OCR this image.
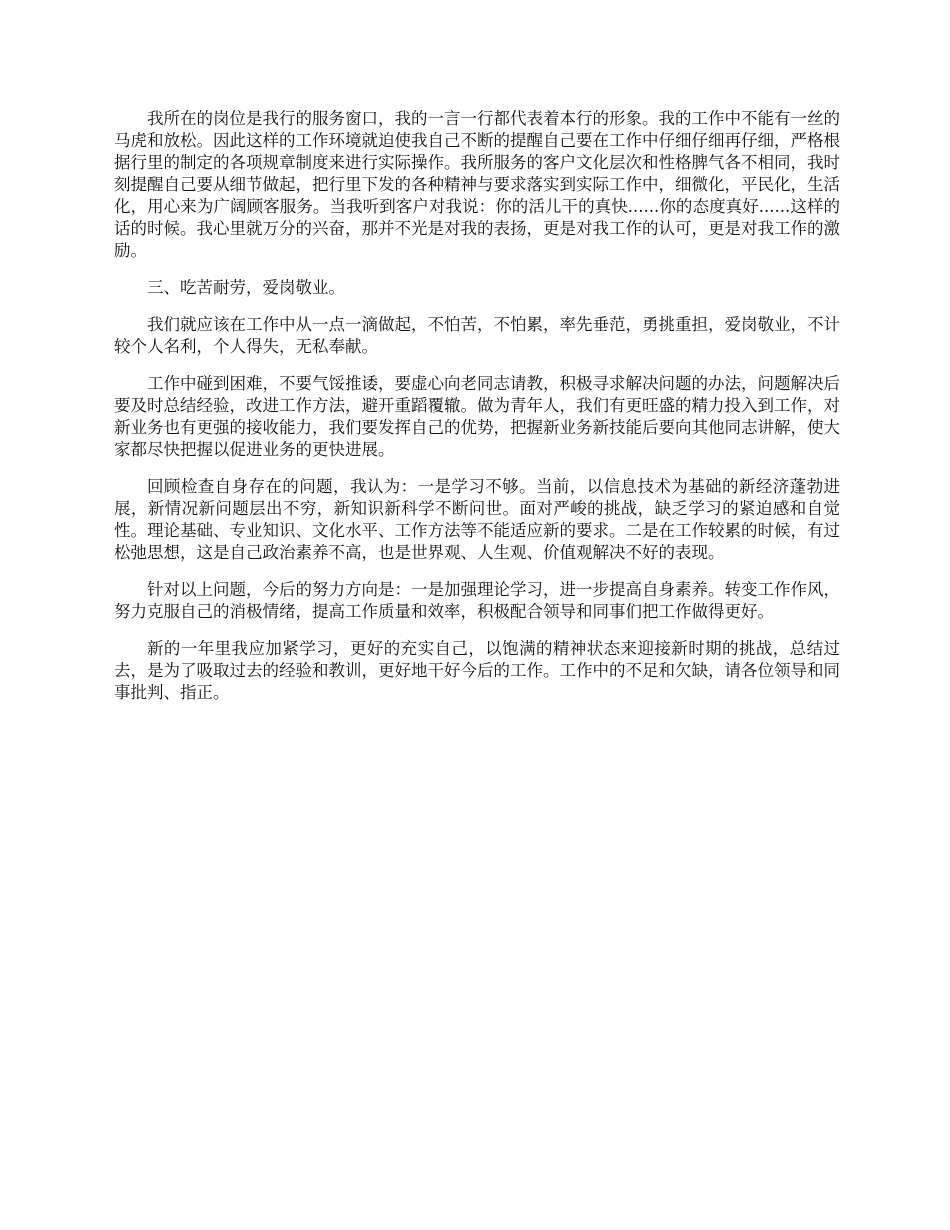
我所在的岗位是我行的服务窗口，我的一言一行都代表着本行的形象。我的工作中不能有一丝的马虎和放松。因此这样的工作环境就迫使我自己不断的提醒自己要在工作中仔细仔细再仔细，严格根据行里的制定的各项规章制度来进行实际操作。我所服务的客户文化层次和性格脾气各不相同，我时刻提醒自己要从细节做起，把行里下发的各种精神与要求落实到实际工作中，细微化，平民化，生活化，用心来为广阔顾客服务。当我听到客户对我说：你的活儿干的真快......你的态度真好......这样的话的时候。我心里就万分的兴奋，那并不光是对我的表扬，更是对我工作的认可，更是对我工作的激励。

三、吃苦耐劳，爱岗敬业。

我们就应该在工作中从一点一滴做起，不怕苦，不怕累，率先垂范，勇挑重担，爱岗敬业，不计较个人名利，个人得失，无私奉献。

工作中碰到困难，不要气馁推诿，要虚心向老同志请教，积极寻求解决问题的办法，问题解决后要及时总结经验，改进工作方法，避开重蹈覆辙。做为青年人，我们有更旺盛的精力投入到工作，对新业务也有更强的接收能力，我们要发挥自己的优势，把握新业务新技能后要向其他同志讲解，使大家都尽快把握以促进业务的更快进展。

回顾检查自身存在的问题，我认为：一是学习不够。当前，以信息技术为基础的新经济蓬勃进展，新情况新问题层出不穷，新知识新科学不断问世。面对严峻的挑战，缺乏学习的紧迫感和自觉性。理论基础、专业知识、文化水平、工作方法等不能适应新的要求。二是在工作较累的时候，有过松弛思想，这是自己政治素养不高，也是世界观、人生观、价值观解决不好的表现。

针对以上问题，今后的努力方向是：一是加强理论学习，进一步提高自身素养。转变工作作风，努力克服自己的消极情绪，提高工作质量和效率，积极配合领导和同事们把工作做得更好。

新的一年里我应加紧学习，更好的充实自己，以饱满的精神状态来迎接新时期的挑战，总结过去，是为了吸取过去的经验和教训，更好地干好今后的工作。工作中的不足和欠缺，请各位领导和同事批判、指正。
